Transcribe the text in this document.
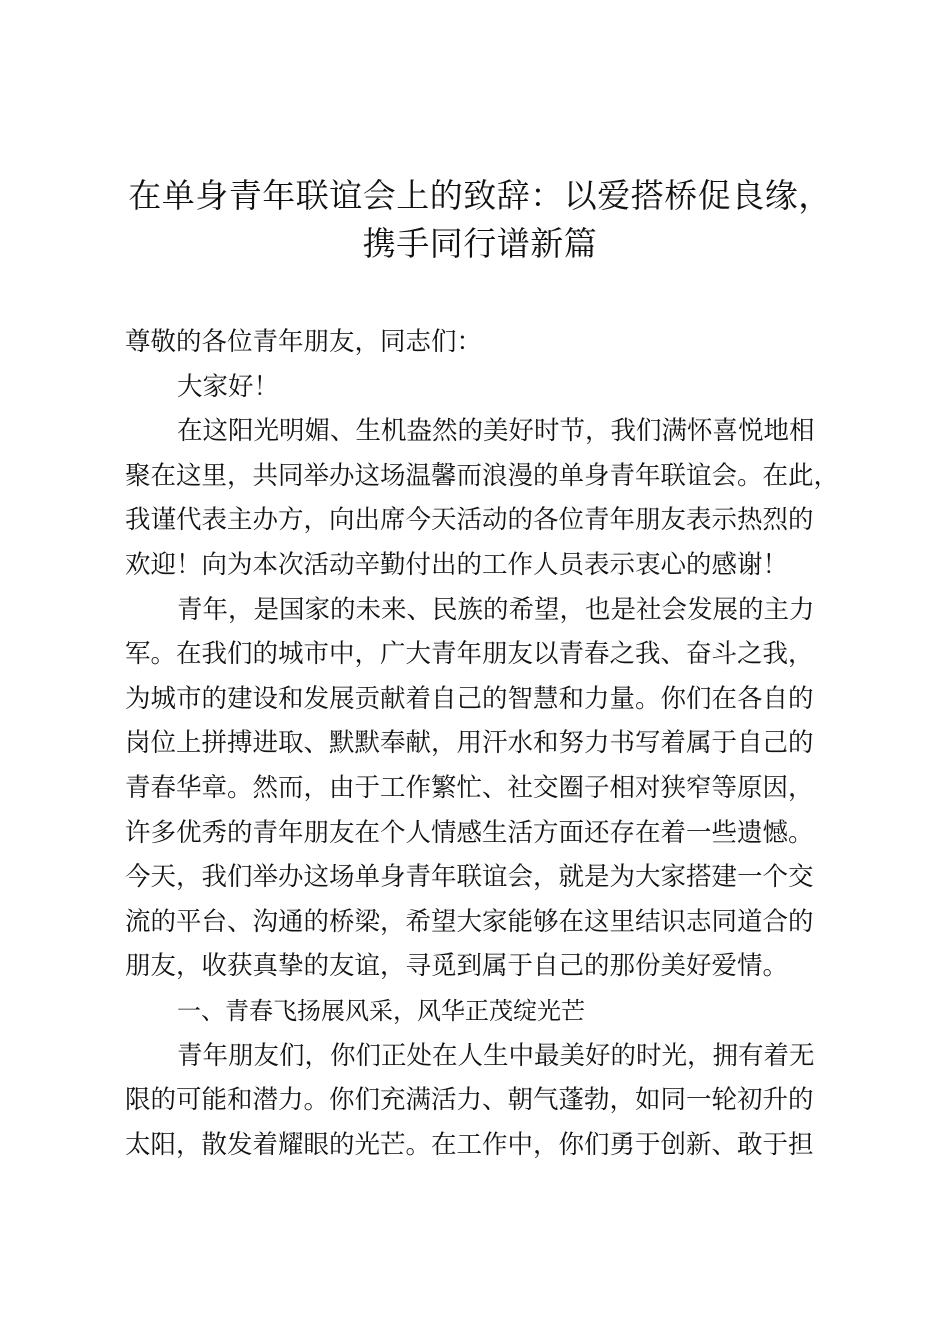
在单身青年联谊会上的致辞：以爱搭桥促良缘，
携手同行谱新篇
尊敬的各位青年朋友，同志们：
大家好！
在这阳光明媚、生机盎然的美好时节，我们满怀喜悦地相
聚在这里，共同举办这场温馨而浪漫的单身青年联谊会。在此，
我谨代表主办方，向出席今天活动的各位青年朋友表示热烈的
欢迎！向为本次活动辛勤付出的工作人员表示衷心的感谢！
青年，是国家的未来、民族的希望，也是社会发展的主力
军。在我们的城市中，广大青年朋友以青春之我、奋斗之我，
为城市的建设和发展贡献着自己的智慧和力量。你们在各自的
岗位上拼搏进取、默默奉献，用汗水和努力书写着属于自己的
青春华章。然而，由于工作繁忙、社交圈子相对狭窄等原因，
许多优秀的青年朋友在个人情感生活方面还存在着一些遗憾。
今天，我们举办这场单身青年联谊会，就是为大家搭建一个交
流的平台、沟通的桥梁，希望大家能够在这里结识志同道合的
朋友，收获真挚的友谊，寻觅到属于自己的那份美好爱情。
一、青春飞扬展风采，风华正茂绽光芒
青年朋友们，你们正处在人生中最美好的时光，拥有着无
限的可能和潜力。你们充满活力、朝气蓬勃，如同一轮初升的
太阳，散发着耀眼的光芒。在工作中，你们勇于创新、敢于担
